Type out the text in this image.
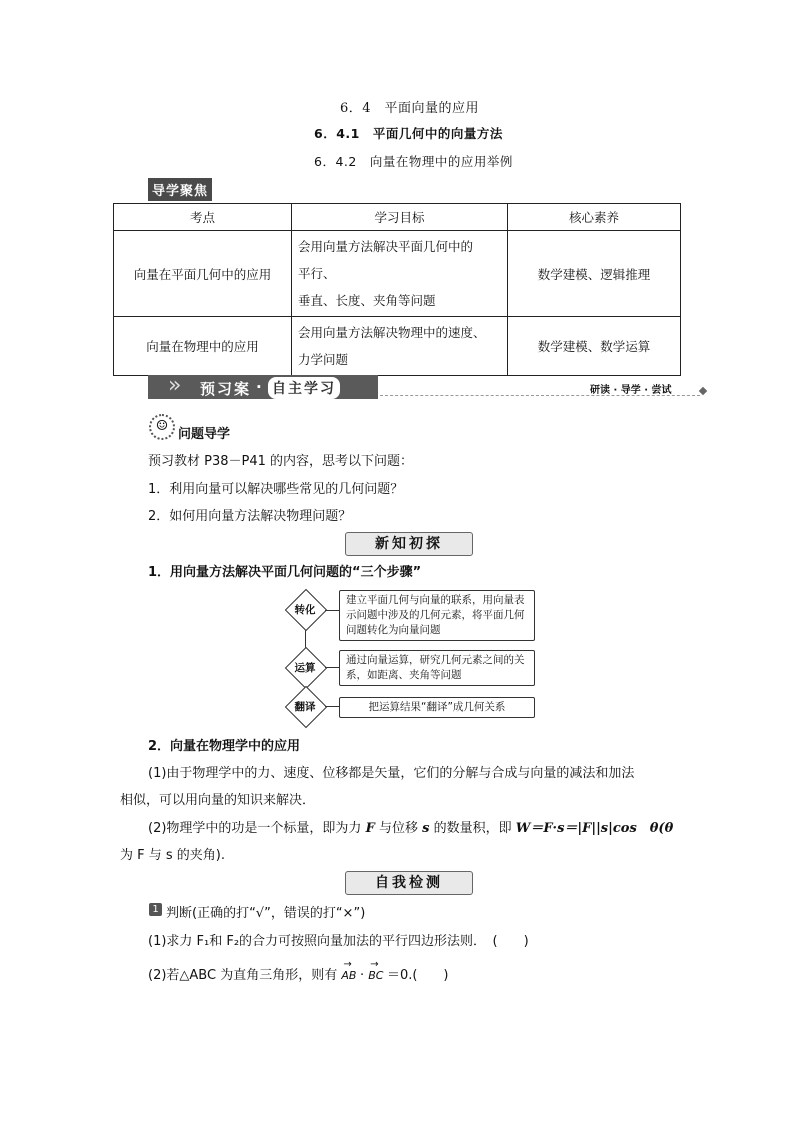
6．4　平面向量的应用
6．4.1　平面几何中的向量方法
6．4.2　向量在物理中的应用举例
导学聚焦
考点	学习目标	核心素养
向量在平面几何中的应用	会用向量方法解决平面几何中的
平行、
垂直、长度、夹角等问题	数学建模、逻辑推理
向量在物理中的应用	会用向量方法解决物理中的速度、
力学问题	数学建模、数学运算
» 预习案 · 自主学习	研读 · 导学 · 尝试
☺
问题导学
预习教材 P38－P41 的内容，思考以下问题：
1．利用向量可以解决哪些常见的几何问题？
2．如何用向量方法解决物理问题？
新知初探
1．用向量方法解决平面几何问题的“三个步骤”
转化
建立平面几何与向量的联系，用向量表
示问题中涉及的几何元素，将平面几何
问题转化为向量问题
运算
通过向量运算，研究几何元素之间的关
系，如距离、夹角等问题
翻译	把运算结果“翻译”成几何关系
2．向量在物理学中的应用
(1)由于物理学中的力、速度、位移都是矢量，它们的分解与合成与向量的减法和加法
相似，可以用向量的知识来解决．
(2)物理学中的功是一个标量，即为力 F 与位移 s 的数量积，即 W＝F·s＝|F||s|cos　θ(θ
为 F 与 s 的夹角).
自我检测
1 判断(正确的打“√”，错误的打“×”)
(1)求力 F₁和 F₂的合力可按照向量加法的平行四边形法则．　(　　)
(2)若△ABC 为直角三角形，则有
→
AB ·
→
BC ＝0.(　　)
